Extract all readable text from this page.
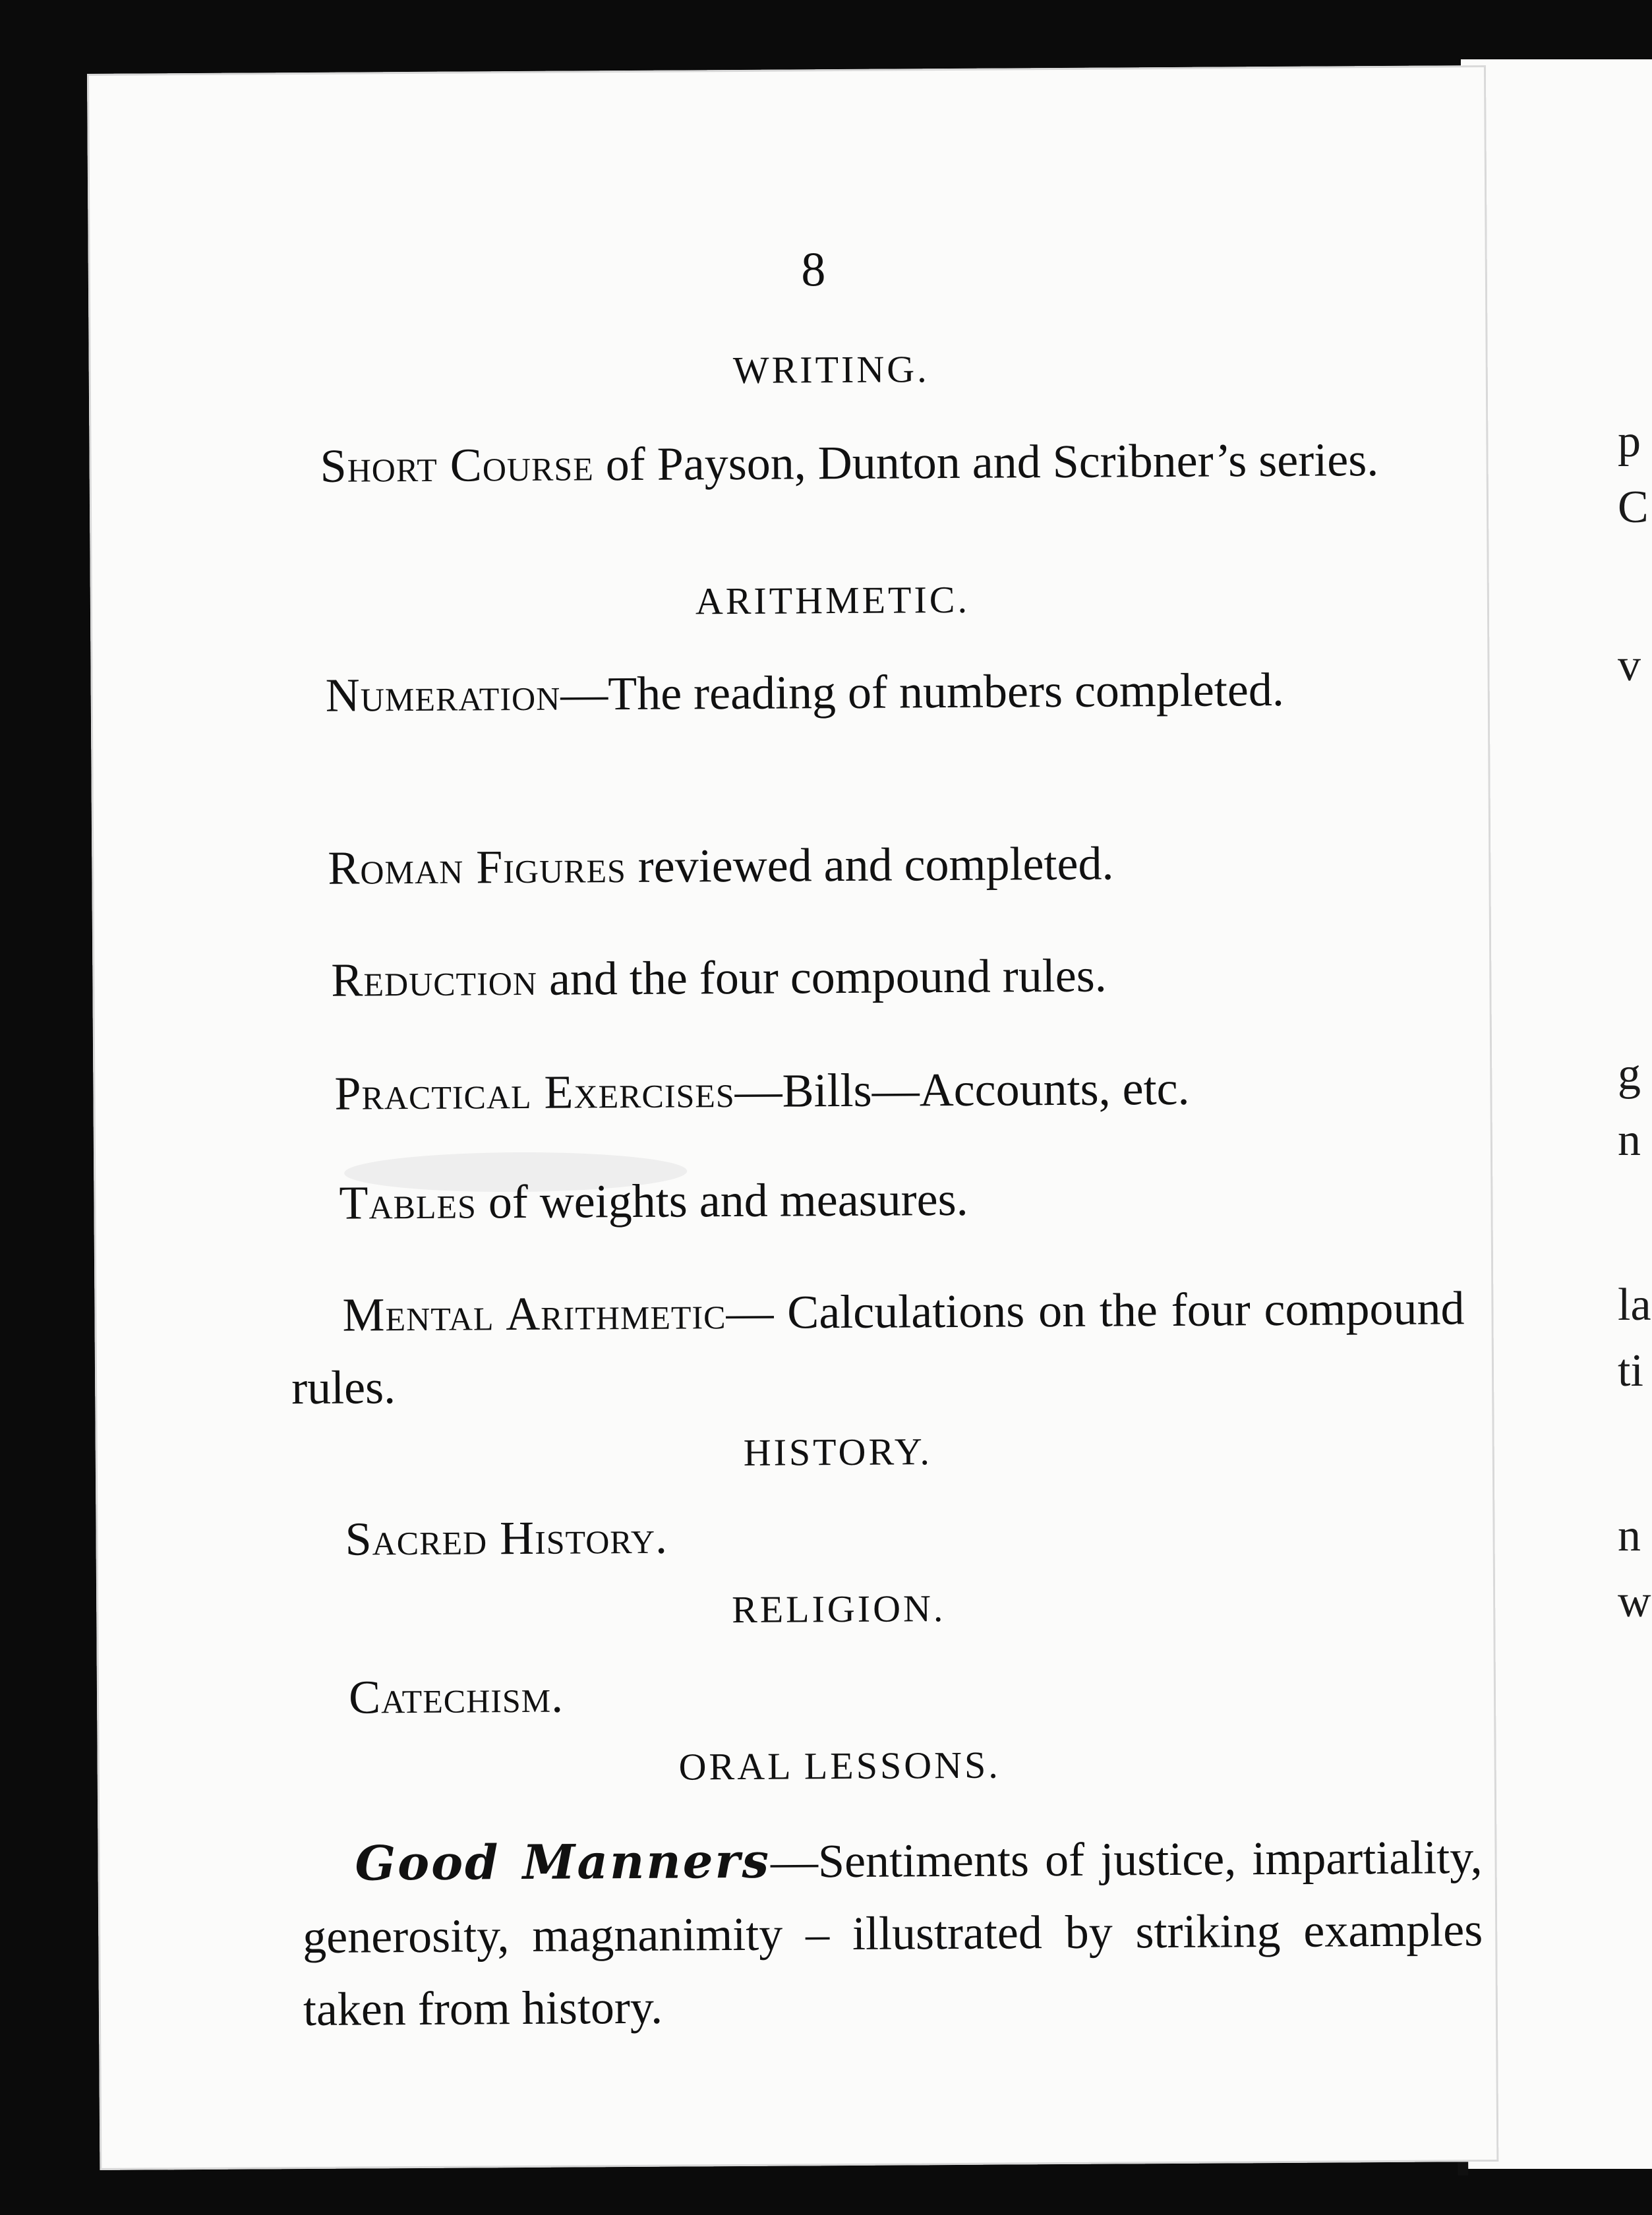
p
C
v
g
n
la
ti
n
w
8
WRITING.
Short Course of Payson, Dunton and Scribner’s series.
ARITHMETIC.
Numeration—The reading of numbers completed.
Roman Figures reviewed and completed.
Reduction and the four compound rules.
Practical Exercises—Bills—Accounts, etc.
Tables of weights and measures.
Mental Arithmetic— Calculations on the four compound rules.
HISTORY.
Sacred History.
RELIGION.
Catechism.
ORAL LESSONS.
Good Manners—Sentiments of justice, impartiality, generosity, magnanimity – illustrated by striking examples taken from history.
